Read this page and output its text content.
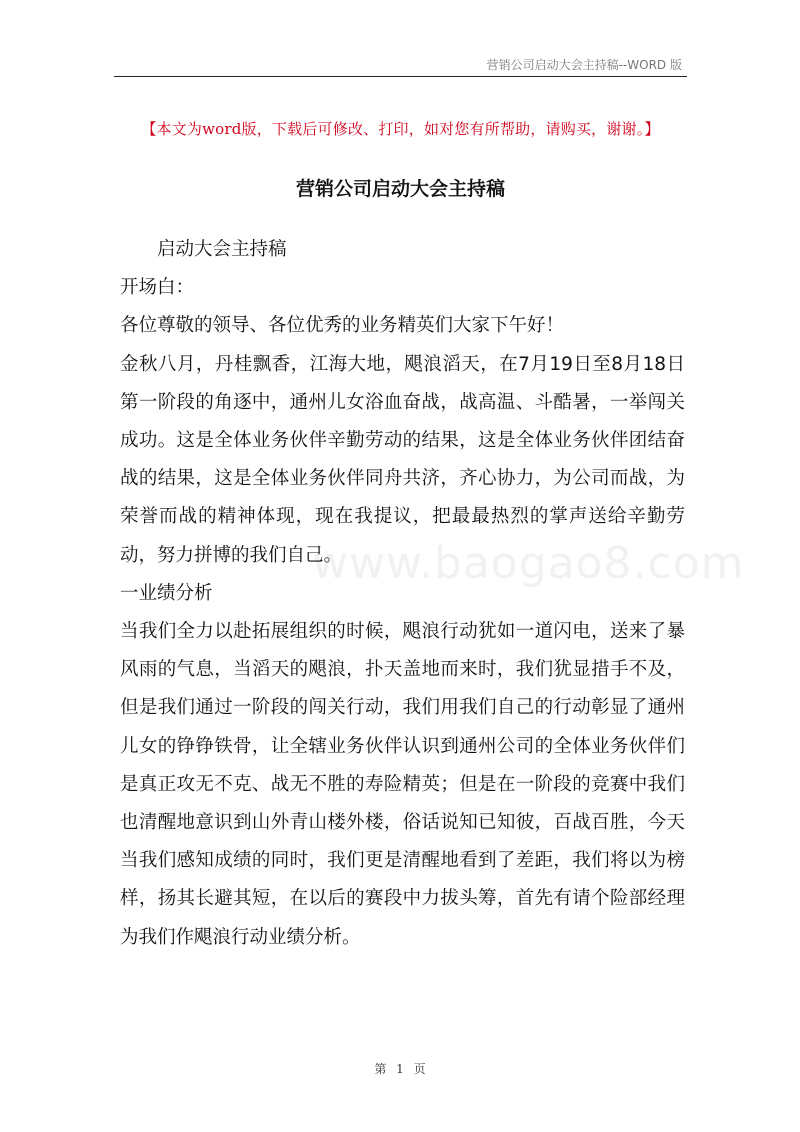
营销公司启动大会主持稿--WORD 版
【本文为word版，下载后可修改、打印，如对您有所帮助，请购买，谢谢。】
营销公司启动大会主持稿
www.baogao8.com

启动大会主持稿

开场白：

各位尊敬的领导、各位优秀的业务精英们大家下午好！

金秋八月，丹桂飘香，江海大地，飓浪滔天，在7月19日至8月18日第一阶段的角逐中，通州儿女浴血奋战，战高温、斗酷暑，一举闯关成功。这是全体业务伙伴辛勤劳动的结果，这是全体业务伙伴团结奋战的结果，这是全体业务伙伴同舟共济，齐心协力，为公司而战，为荣誉而战的精神体现，现在我提议，把最最热烈的掌声送给辛勤劳动，努力拼博的我们自己。

一业绩分析

当我们全力以赴拓展组织的时候，飓浪行动犹如一道闪电，送来了暴风雨的气息，当滔天的飓浪，扑天盖地而来时，我们犹显措手不及，但是我们通过一阶段的闯关行动，我们用我们自己的行动彰显了通州儿女的铮铮铁骨，让全辖业务伙伴认识到通州公司的全体业务伙伴们是真正攻无不克、战无不胜的寿险精英；但是在一阶段的竞赛中我们也清醒地意识到山外青山楼外楼，俗话说知已知彼，百战百胜，今天当我们感知成绩的同时，我们更是清醒地看到了差距，我们将以为榜样，扬其长避其短，在以后的赛段中力拔头筹，首先有请个险部经理为我们作飓浪行动业绩分析。

第 1 页
